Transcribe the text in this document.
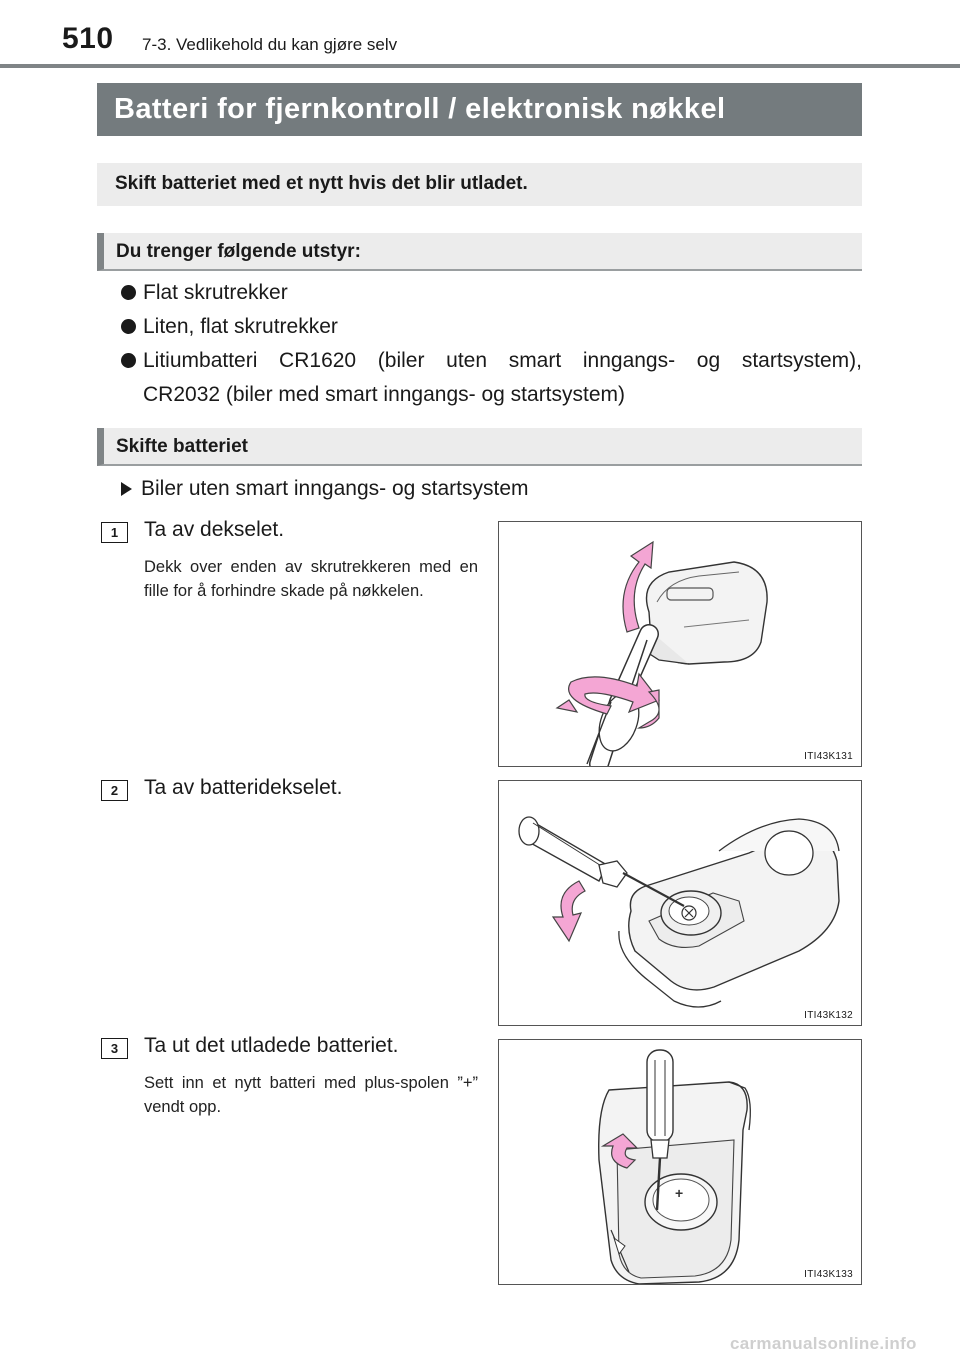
510 7-3. Vedlikehold du kan gjøre selv
Batteri for fjernkontroll / elektronisk nøkkel
Skift batteriet med et nytt hvis det blir utladet.
Du trenger følgende utstyr:
Flat skrutrekker
Liten, flat skrutrekker
Litiumbatteri CR1620 (biler uten smart inngangs- og startsystem),
CR2032 (biler med smart inngangs- og startsystem)
Skifte batteriet
Biler uten smart inngangs- og startsystem
1	Ta av dekselet.
Dekk over enden av skrutrekkeren med en fille for å forhindre skade på nøkkelen.
ITI43K131
2	Ta av batteridekselet.
ITI43K132
3	Ta ut det utladede batteriet.
Sett inn et nytt batteri med plus-spolen ”+” vendt opp.
+
ITI43K133
carmanualsonline.info
